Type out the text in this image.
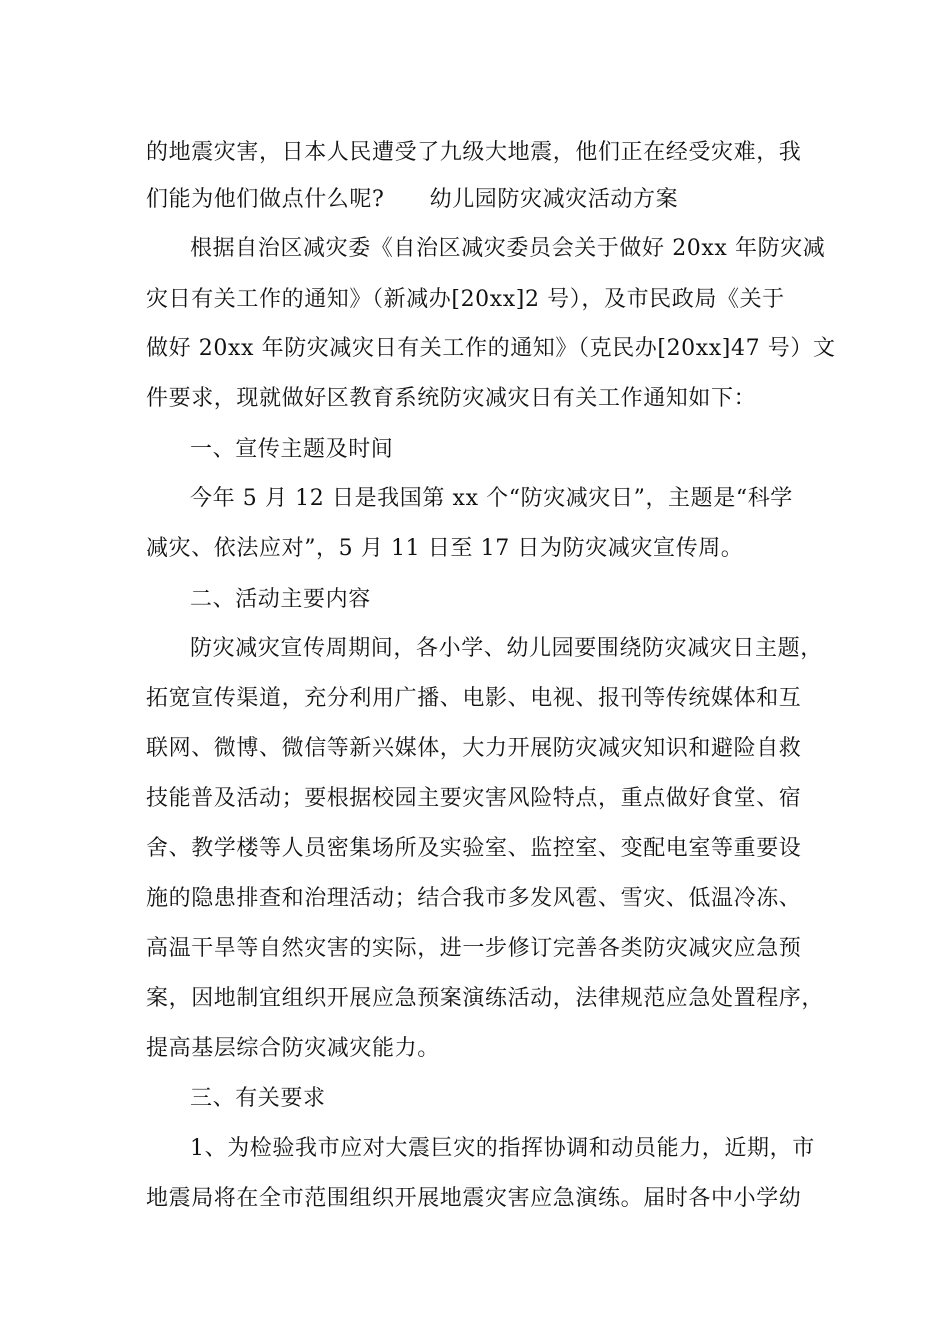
的地震灾害，日本人民遭受了九级大地震，他们正在经受灾难，我
们能为他们做点什么呢?　　幼儿园防灾减灾活动方案
根据自治区减灾委《自治区减灾委员会关于做好 20xx 年防灾减
灾日有关工作的通知》（新减办[20xx]2 号），及市民政局《关于
做好 20xx 年防灾减灾日有关工作的通知》（克民办[20xx]47 号）文
件要求，现就做好区教育系统防灾减灾日有关工作通知如下：
一、宣传主题及时间
今年 5 月 12 日是我国第 xx 个“防灾减灾日”，主题是“科学
减灾、依法应对”，5 月 11 日至 17 日为防灾减灾宣传周。
二、活动主要内容
防灾减灾宣传周期间，各小学、幼儿园要围绕防灾减灾日主题，
拓宽宣传渠道，充分利用广播、电影、电视、报刊等传统媒体和互
联网、微博、微信等新兴媒体，大力开展防灾减灾知识和避险自救
技能普及活动；要根据校园主要灾害风险特点，重点做好食堂、宿
舍、教学楼等人员密集场所及实验室、监控室、变配电室等重要设
施的隐患排查和治理活动；结合我市多发风雹、雪灾、低温冷冻、
高温干旱等自然灾害的实际，进一步修订完善各类防灾减灾应急预
案，因地制宜组织开展应急预案演练活动，法律规范应急处置程序，
提高基层综合防灾减灾能力。
三、有关要求
1、为检验我市应对大震巨灾的指挥协调和动员能力，近期，市
地震局将在全市范围组织开展地震灾害应急演练。届时各中小学幼
